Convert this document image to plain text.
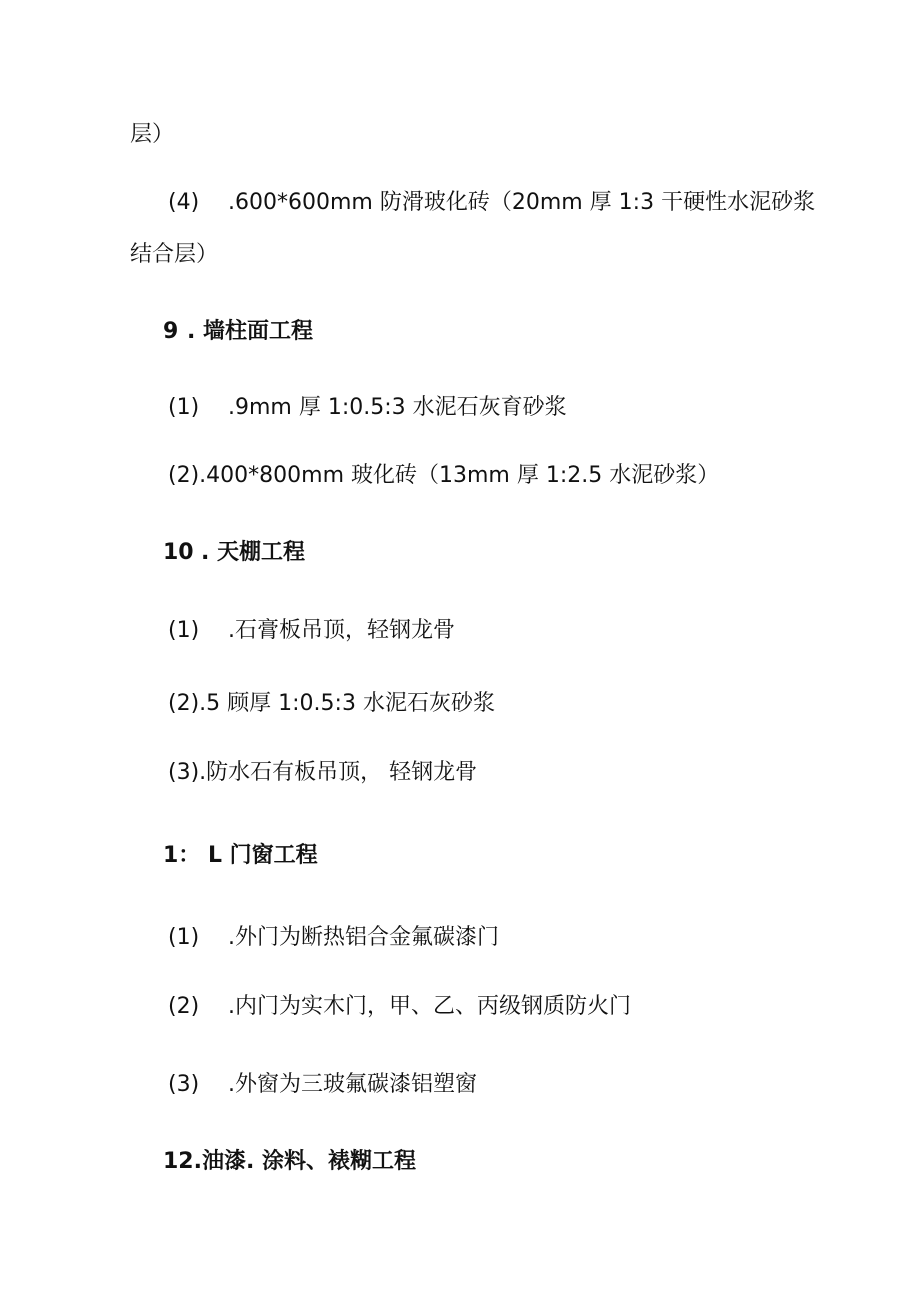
层）
(4) .600*600mm 防滑玻化砖（20mm 厚 1:3 干硬性水泥砂浆
结合层）
9 . 墙柱面工程
(1) .9mm 厚 1:0.5:3 水泥石灰育砂浆
(2).400*800mm 玻化砖（13mm 厚 1:2.5 水泥砂浆）
10 . 天棚工程
(1) .石膏板吊顶，轻钢龙骨
(2).5 顾厚 1:0.5:3 水泥石灰砂浆
(3).防水石有板吊顶， 轻钢龙骨
1： L 门窗工程
(1) .外门为断热铝合金氟碳漆门
(2) .内门为实木门，甲、乙、丙级钢质防火门
(3) .外窗为三玻氟碳漆铝塑窗
12.油漆. 涂料、裱糊工程
